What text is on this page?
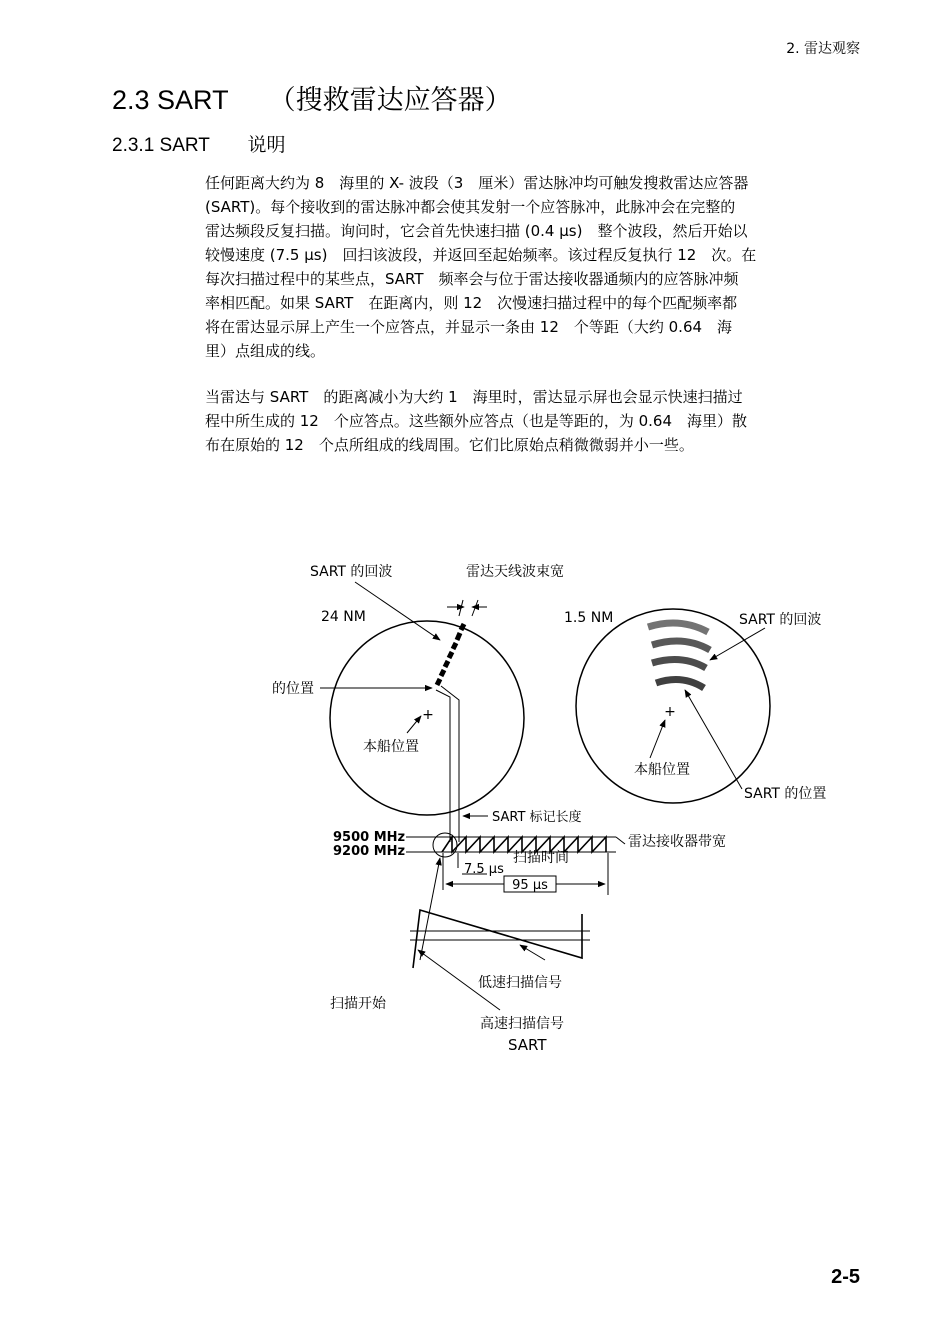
2. 雷达观察
2.3 SART　　（搜救雷达应答器）
2.3.1 SART　　说明
任何距离大约为 8　海里的 X- 波段（3　厘米）雷达脉冲均可触发搜救雷达应答器
(SART)。每个接收到的雷达脉冲都会使其发射一个应答脉冲，此脉冲会在完整的
雷达频段反复扫描。询问时，它会首先快速扫描 (0.4 μs)　整个波段，然后开始以
较慢速度 (7.5 μs)　回扫该波段，并返回至起始频率。该过程反复执行 12　次。在
每次扫描过程中的某些点，SART　频率会与位于雷达接收器通频内的应答脉冲频
率相匹配。如果 SART　在距离内，则 12　次慢速扫描过程中的每个匹配频率都
将在雷达显示屏上产生一个应答点，并显示一条由 12　个等距（大约 0.64　海
里）点组成的线。
当雷达与 SART　的距离减小为大约 1　海里时，雷达显示屏也会显示快速扫描过
程中所生成的 12　个应答点。这些额外应答点（也是等距的，为 0.64　海里）散
布在原始的 12　个点所组成的线周围。它们比原始点稍微微弱并小一些。
+
SART 的回波	雷达天线波束宽
24 NM
的位置
本船位置
+
1.5 NM	SART 的回波
本船位置
SART 的位置
SART 标记长度
9500 MHz
9200 MHz
雷达接收器带宽
扫描时间
7.5 μs
95 μs
低速扫描信号
扫描开始
高速扫描信号
SART
2-5
